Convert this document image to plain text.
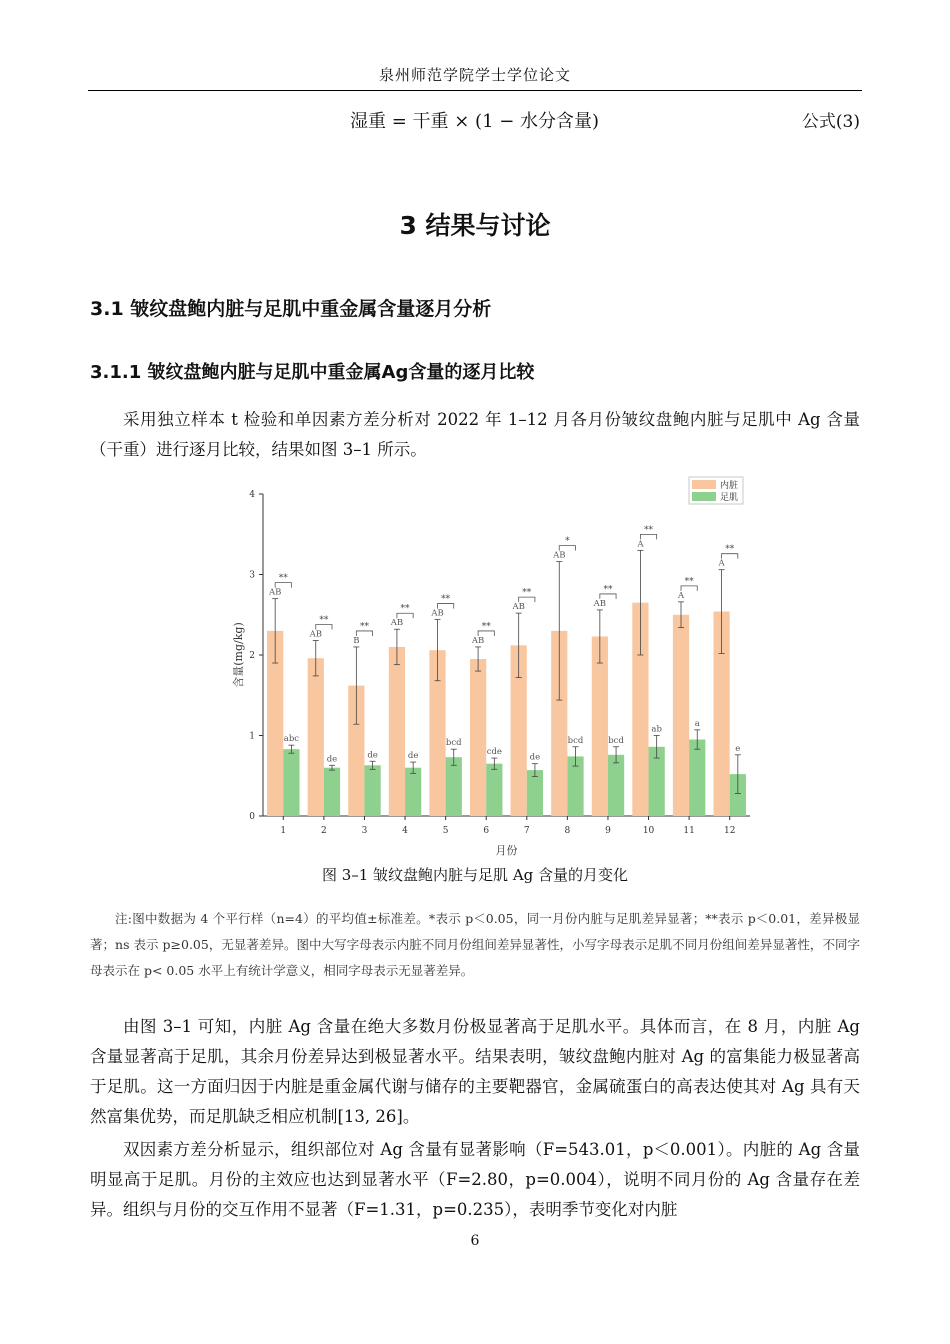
泉州师范学院学士学位论文
湿重 = 干重 × (1 − 水分含量)	公式(3)
3 结果与讨论
3.1 皱纹盘鲍内脏与足肌中重金属含量逐月分析
3.1.1 皱纹盘鲍内脏与足肌中重金属Ag含量的逐月比较

采用独立样本 t 检验和单因素方差分析对 2022 年 1–12 月各月份皱纹盘鲍内脏与足肌中 Ag 含量（干重）进行逐月比较，结果如图 3–1 所示。

0
1
2
3
4
含量(mg/kg)
月份
1
AB
abc
**
2
AB
de
**
3
B
de
**
4
AB
de
**
5
AB
bcd
**
6
AB
cde
**
7
AB
de
**
8
AB
bcd
*
9
AB
bcd
**
10
A
ab
**
11
A
a
**
12
A
e
**
内脏
足肌
图 3–1 皱纹盘鲍内脏与足肌 Ag 含量的月变化

注:图中数据为 4 个平行样（n=4）的平均值±标准差。*表示 p＜0.05，同一月份内脏与足肌差异显著；**表示 p＜0.01，差异极显著；ns 表示 p≥0.05，无显著差异。图中大写字母表示内脏不同月份组间差异显著性，小写字母表示足肌不同月份组间差异显著性，不同字母表示在 p< 0.05 水平上有统计学意义，相同字母表示无显著差异。

由图 3–1 可知，内脏 Ag 含量在绝大多数月份极显著高于足肌水平。具体而言，在 8 月，内脏 Ag 含量显著高于足肌，其余月份差异达到极显著水平。结果表明，皱纹盘鲍内脏对 Ag 的富集能力极显著高于足肌。这一方面归因于内脏是重金属代谢与储存的主要靶器官，金属硫蛋白的高表达使其对 Ag 具有天然富集优势，而足肌缺乏相应机制[13, 26]。

双因素方差分析显示，组织部位对 Ag 含量有显著影响（F=543.01，p＜0.001）。内脏的 Ag 含量明显高于足肌。月份的主效应也达到显著水平（F=2.80，p=0.004），说明不同月份的 Ag 含量存在差异。组织与月份的交互作用不显著（F=1.31，p=0.235），表明季节变化对内脏

6
